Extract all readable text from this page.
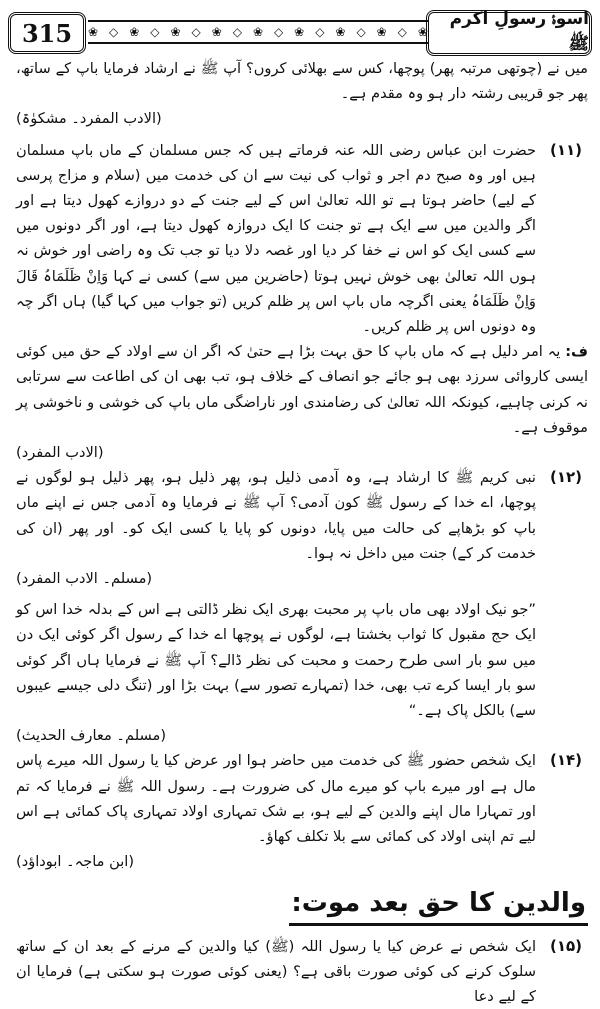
315	❀ ◇ ❀ ◇ ❀ ◇ ❀ ◇ ❀ ◇ ❀ ◇ ❀ ◇ ❀ ◇ ❀
اسوۂ رسولِ اکرم ﷺ

میں نے (چوتھی مرتبہ پھر) پوچھا، کس سے بھلائی کروں؟ آپ ﷺ نے ارشاد فرمایا باپ کے ساتھ، پھر جو قریبی رشتہ دار ہو وہ مقدم ہے۔

(الادب المفرد۔ مشکوٰۃ)

(۱۱)

حضرت ابن عباس رضی اللہ عنہ فرماتے ہیں کہ جس مسلمان کے ماں باپ مسلمان ہیں اور وہ صبح دم اجر و ثواب کی نیت سے ان کی خدمت میں (سلام و مزاج پرسی کے لیے) حاضر ہوتا ہے تو اللہ تعالیٰ اس کے لیے جنت کے دو دروازے کھول دیتا ہے اور اگر والدین میں سے ایک ہے تو جنت کا ایک دروازہ کھول دیتا ہے، اور اگر دونوں میں سے کسی ایک کو اس نے خفا کر دیا اور غصہ دلا دیا تو جب تک وہ راضی اور خوش نہ ہوں اللہ تعالیٰ بھی خوش نہیں ہوتا (حاضرین میں سے) کسی نے کہا وَاِنْ ظَلَمَاہُ قَالَ وَاِنْ ظَلَمَاہُ یعنی اگرچہ ماں باپ اس پر ظلم کریں (تو جواب میں کہا گیا) ہاں اگر چہ وہ دونوں اس پر ظلم کریں۔

ف: یہ امر دلیل ہے کہ ماں باپ کا حق بہت بڑا ہے حتیٰ کہ اگر ان سے اولاد کے حق میں کوئی ایسی کاروائی سرزد بھی ہو جائے جو انصاف کے خلاف ہو، تب بھی ان کی اطاعت سے سرتابی نہ کرنی چاہیے، کیونکہ اللہ تعالیٰ کی رضامندی اور ناراضگی ماں باپ کی خوشی و ناخوشی پر موقوف ہے۔

(الادب المفرد)

(۱۲)

نبی کریم ﷺ کا ارشاد ہے، وہ آدمی ذلیل ہو، پھر ذلیل ہو، پھر ذلیل ہو لوگوں نے پوچھا، اے خدا کے رسول ﷺ کون آدمی؟ آپ ﷺ نے فرمایا وہ آدمی جس نے اپنے ماں باپ کو بڑھاپے کی حالت میں پایا، دونوں کو پایا یا کسی ایک کو۔ اور پھر (ان کی خدمت کر کے) جنت میں داخل نہ ہوا۔

(مسلم۔ الادب المفرد)

”جو نیک اولاد بھی ماں باپ پر محبت بھری ایک نظر ڈالتی ہے اس کے بدلہ خدا اس کو ایک حج مقبول کا ثواب بخشتا ہے، لوگوں نے پوچھا اے خدا کے رسول اگر کوئی ایک دن میں سو بار اسی طرح رحمت و محبت کی نظر ڈالے؟ آپ ﷺ نے فرمایا ہاں اگر کوئی سو بار ایسا کرے تب بھی، خدا (تمہارے تصور سے) بہت بڑا اور (تنگ دلی جیسے عیبوں سے) بالکل پاک ہے۔“

(مسلم۔ معارف الحدیث)

(۱۴)

ایک شخص حضور ﷺ کی خدمت میں حاضر ہوا اور عرض کیا یا رسول اللہ میرے پاس مال ہے اور میرے باپ کو میرے مال کی ضرورت ہے۔ رسول اللہ ﷺ نے فرمایا کہ تم اور تمہارا مال اپنے والدین کے لیے ہو، بے شک تمہاری اولاد تمہاری پاک کمائی ہے اس لیے تم اپنی اولاد کی کمائی سے بلا تکلف کھاؤ۔

(ابن ماجہ۔ ابوداؤد)

والدین کا حق بعد موت:
(۱۵)

ایک شخص نے عرض کیا یا رسول اللہ (ﷺ) کیا والدین کے مرنے کے بعد ان کے ساتھ سلوک کرنے کی کوئی صورت باقی ہے؟ (یعنی کوئی صورت ہو سکتی ہے) فرمایا ان کے لیے دعا
